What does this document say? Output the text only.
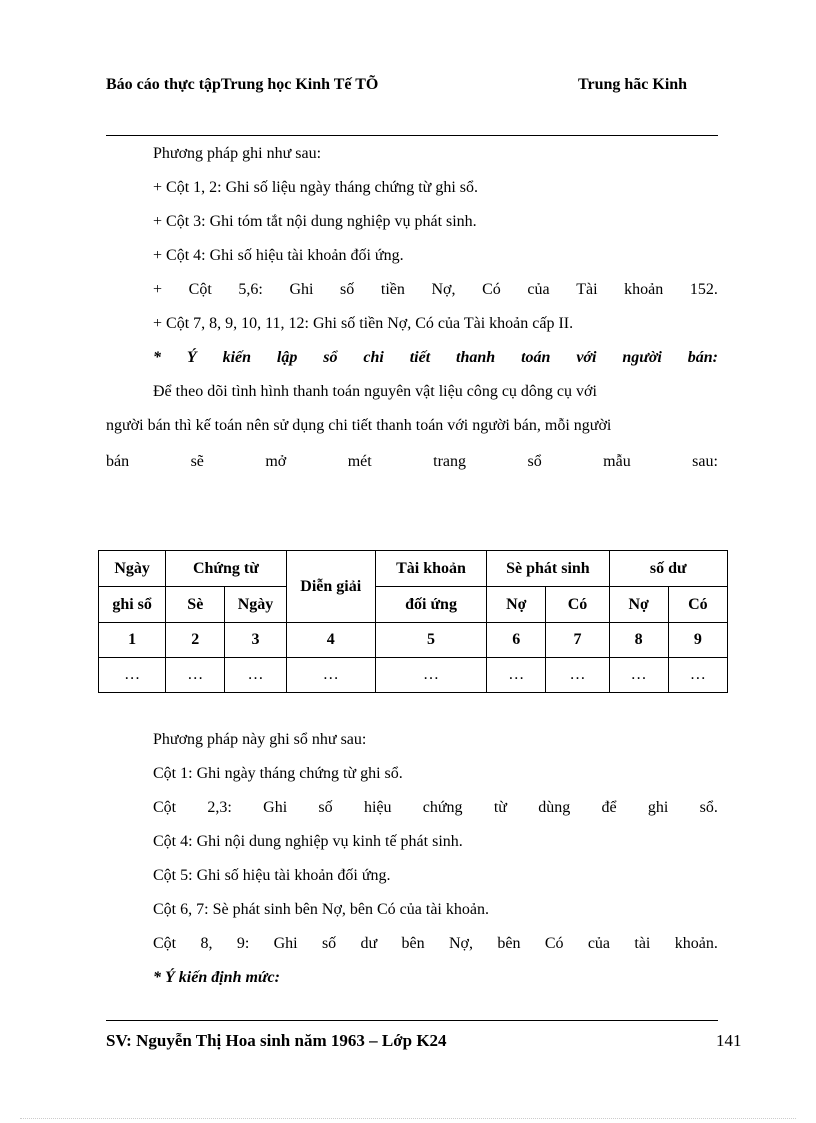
Báo cáo thực tậpTrung học Kinh Tế TÕ	Trung hãc Kinh
Phương pháp ghi như sau:
+ Cột 1, 2: Ghi số liệu ngày tháng chứng từ ghi sổ.
+ Cột 3: Ghi tóm tắt nội dung nghiệp vụ phát sinh.
+ Cột 4: Ghi số hiệu tài khoản đối ứng.
+ Cột 5,6: Ghi số tiền Nợ, Có của Tài khoản 152.
+ Cột 7, 8, 9, 10, 11, 12: Ghi số tiền Nợ, Có của Tài khoản cấp II.
* Ý kiến lập sổ chi tiết thanh toán với người bán:
Để theo dõi tình hình thanh toán nguyên vật liệu công cụ dông cụ với
người bán thì kế toán nên sử dụng chi tiết thanh toán với người bán, mỗi người
bán	sẽ	mở	mét	trang	sổ	mẫu	sau:
Ngày	Chứng từ		Diễn giải	Tài khoản	Sè phát sinh		số dư	
ghi sổ	Sè	Ngày		đối ứng	Nợ	Có	Nợ	Có
1	2	3	4	5	6	7	8	9
…	…	…	…	…	…	…	…	…
Phương pháp này ghi sổ như sau:
Cột 1: Ghi ngày tháng chứng từ ghi sổ.
Cột 2,3: Ghi số hiệu chứng từ dùng để ghi sổ.
Cột 4: Ghi nội dung nghiệp vụ kinh tế phát sinh.
Cột 5: Ghi số hiệu tài khoản đối ứng.
Cột 6, 7: Sè phát sinh bên Nợ, bên Có của tài khoản.
Cột 8, 9: Ghi số dư bên Nợ, bên Có của tài khoản.
* Ý kiến định mức:
SV: Nguyễn Thị Hoa sinh năm 1963 – Lớp K24	141
